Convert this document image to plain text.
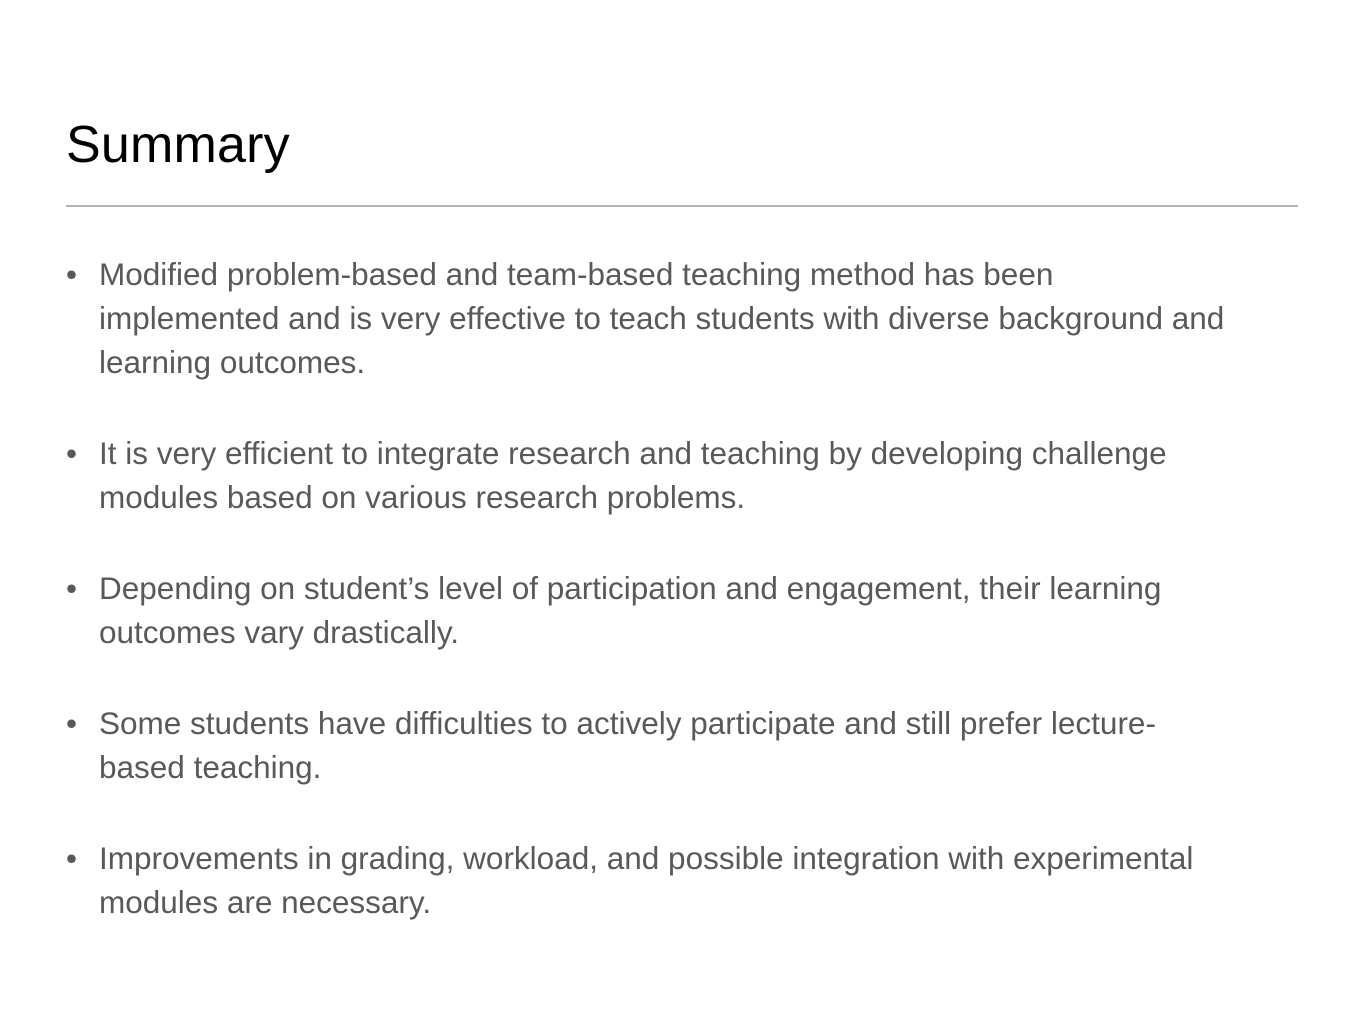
Summary
• Modified problem-based and team-based teaching method has been implemented and is very effective to teach students with diverse background and learning outcomes.
• It is very efficient to integrate research and teaching by developing challenge modules based on various research problems.
• Depending on student’s level of participation and engagement, their learning outcomes vary drastically.
• Some students have difficulties to actively participate and still prefer lecture-based teaching.
• Improvements in grading, workload, and possible integration with experimental modules are necessary.
